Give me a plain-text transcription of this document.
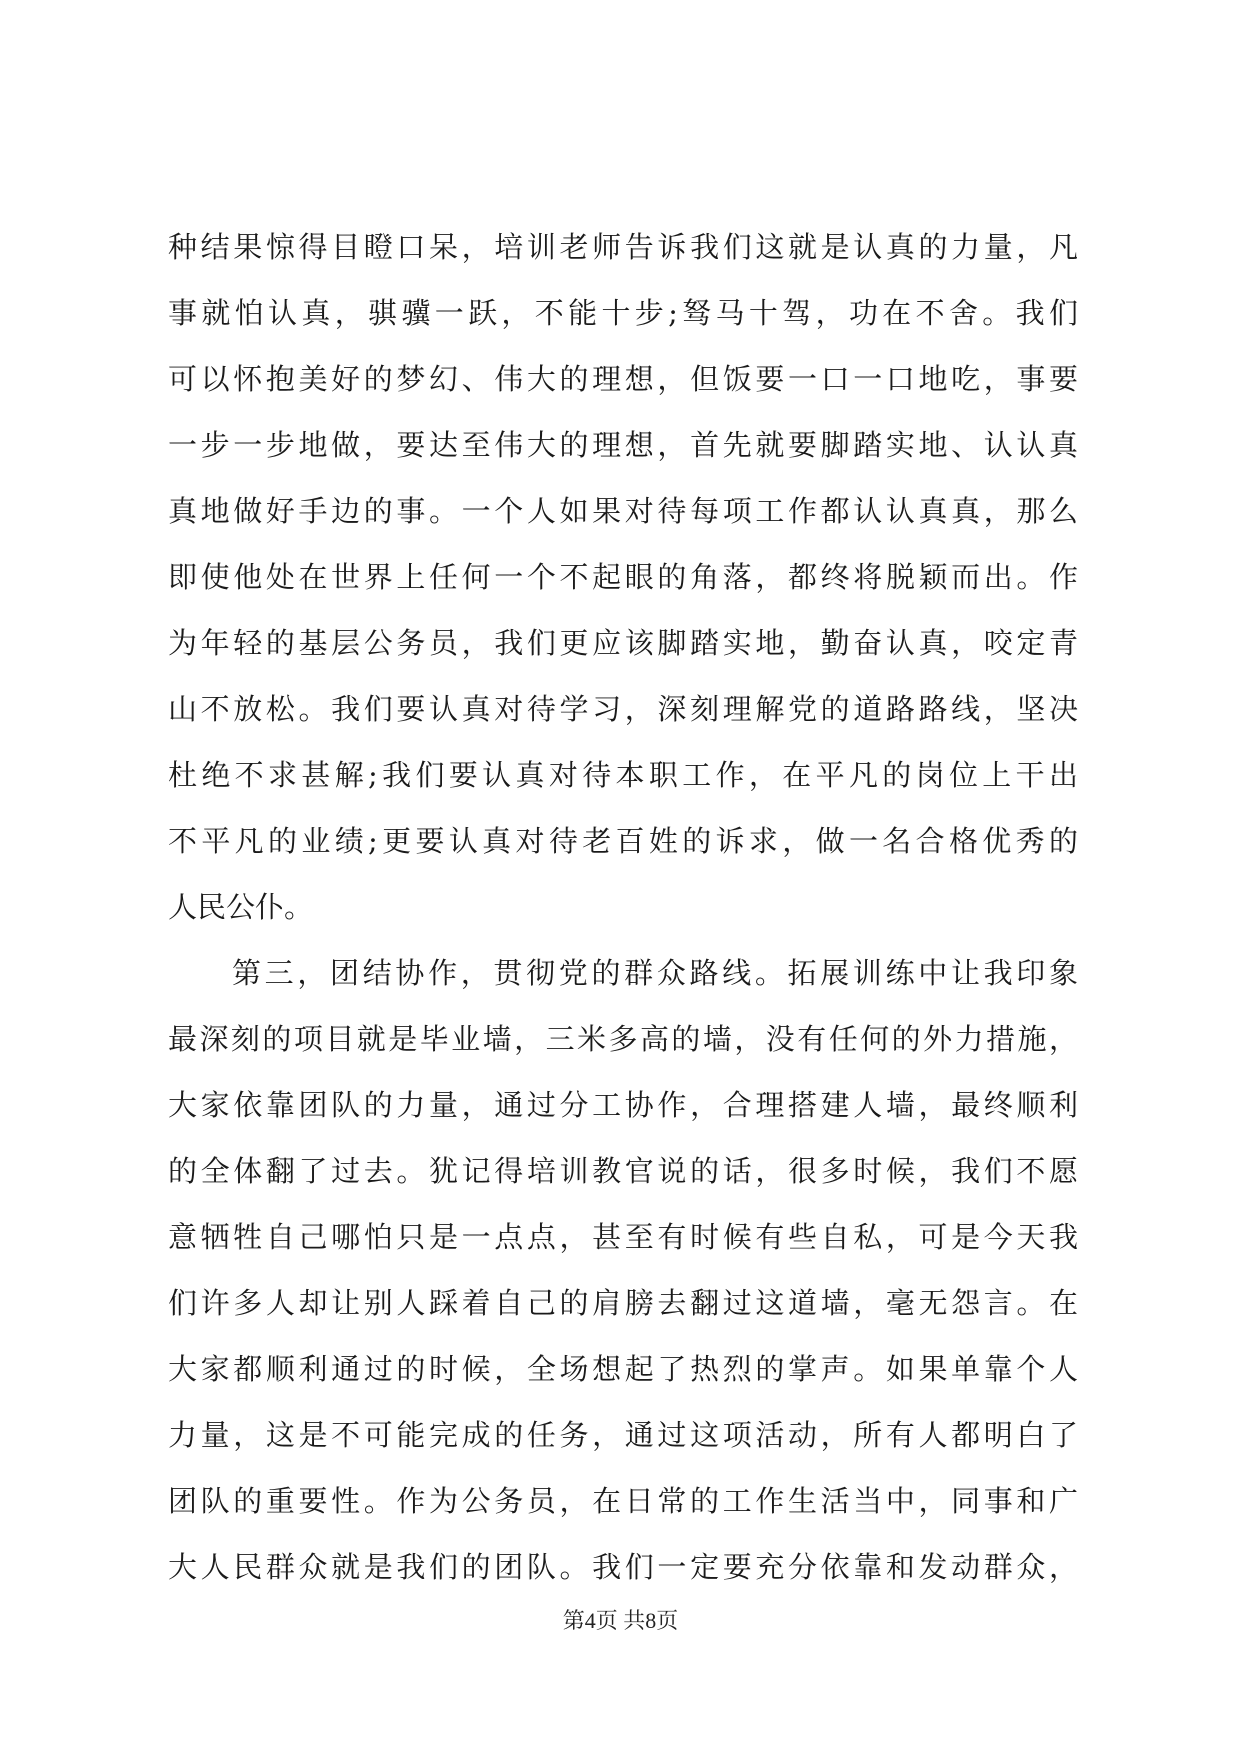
种结果惊得目瞪口呆，培训老师告诉我们这就是认真的力量，凡
事就怕认真，骐骥一跃，不能十步;驽马十驾，功在不舍。我们
可以怀抱美好的梦幻、伟大的理想，但饭要一口一口地吃，事要
一步一步地做，要达至伟大的理想，首先就要脚踏实地、认认真
真地做好手边的事。一个人如果对待每项工作都认认真真，那么
即使他处在世界上任何一个不起眼的角落，都终将脱颖而出。作
为年轻的基层公务员，我们更应该脚踏实地，勤奋认真，咬定青
山不放松。我们要认真对待学习，深刻理解党的道路路线，坚决
杜绝不求甚解;我们要认真对待本职工作，在平凡的岗位上干出
不平凡的业绩;更要认真对待老百姓的诉求，做一名合格优秀的
人民公仆。
第三，团结协作，贯彻党的群众路线。拓展训练中让我印象
最深刻的项目就是毕业墙，三米多高的墙，没有任何的外力措施，
大家依靠团队的力量，通过分工协作，合理搭建人墙，最终顺利
的全体翻了过去。犹记得培训教官说的话，很多时候，我们不愿
意牺牲自己哪怕只是一点点，甚至有时候有些自私，可是今天我
们许多人却让别人踩着自己的肩膀去翻过这道墙，毫无怨言。在
大家都顺利通过的时候，全场想起了热烈的掌声。如果单靠个人
力量，这是不可能完成的任务，通过这项活动，所有人都明白了
团队的重要性。作为公务员，在日常的工作生活当中，同事和广
大人民群众就是我们的团队。我们一定要充分依靠和发动群众，
第4页 共8页
